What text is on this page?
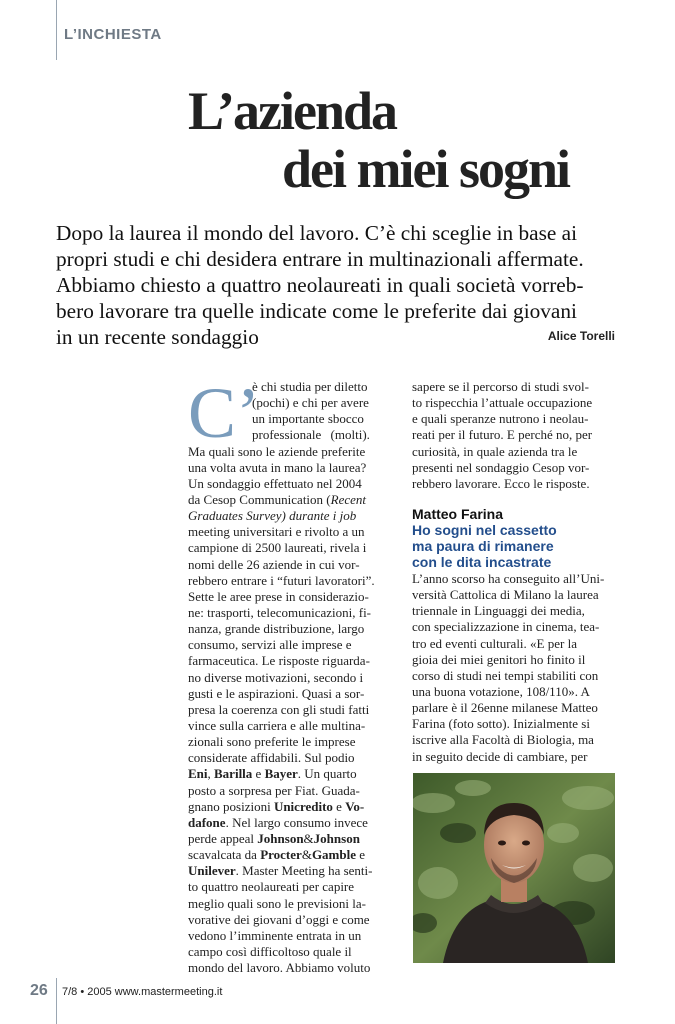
L’INCHIESTA
L’azienda
dei miei sogni
Dopo la laurea il mondo del lavoro. C’è chi sceglie in base ai
propri studi e chi desidera entrare in multinazionali affermate.
Abbiamo chiesto a quattro neolaureati in quali società vorreb-
bero lavorare tra quelle indicate come le preferite dai giovani
in un recente sondaggio	Alice Torelli
C’
è chi studia per diletto
(pochi) e chi per avere
un importante sbocco
professionale (molti).
Ma quali sono le aziende preferite
una volta avuta in mano la laurea?
Un sondaggio effettuato nel 2004
da Cesop Communication (Recent
Graduates Survey) durante i job
meeting universitari e rivolto a un
campione di 2500 laureati, rivela i
nomi delle 26 aziende in cui vor-
rebbero entrare i “futuri lavoratori”.
Sette le aree prese in considerazio-
ne: trasporti, telecomunicazioni, fi-
nanza, grande distribuzione, largo
consumo, servizi alle imprese e
farmaceutica. Le risposte riguarda-
no diverse motivazioni, secondo i
gusti e le aspirazioni. Quasi a sor-
presa la coerenza con gli studi fatti
vince sulla carriera e alle multina-
zionali sono preferite le imprese
considerate affidabili. Sul podio
Eni, Barilla e Bayer. Un quarto
posto a sorpresa per Fiat. Guada-
gnano posizioni Unicredito e Vo-
dafone. Nel largo consumo invece
perde appeal Johnson&Johnson
scavalcata da Procter&Gamble e
Unilever. Master Meeting ha senti-
to quattro neolaureati per capire
meglio quali sono le previsioni la-
vorative dei giovani d’oggi e come
vedono l’imminente entrata in un
campo così difficoltoso quale il
mondo del lavoro. Abbiamo voluto
sapere se il percorso di studi svol-
to rispecchia l’attuale occupazione
e quali speranze nutrono i neolau-
reati per il futuro. E perché no, per
curiosità, in quale azienda tra le
presenti nel sondaggio Cesop vor-
rebbero lavorare. Ecco le risposte.
Matteo Farina
Ho sogni nel cassetto
ma paura di rimanere
con le dita incastrate
L’anno scorso ha conseguito all’Uni-
versità Cattolica di Milano la laurea
triennale in Linguaggi dei media,
con specializzazione in cinema, tea-
tro ed eventi culturali. «E per la
gioia dei miei genitori ho finito il
corso di studi nei tempi stabiliti con
una buona votazione, 108/110». A
parlare è il 26enne milanese Matteo
Farina (foto sotto). Inizialmente si
iscrive alla Facoltà di Biologia, ma
in seguito decide di cambiare, per
26 7/8 • 2005 www.mastermeeting.it
